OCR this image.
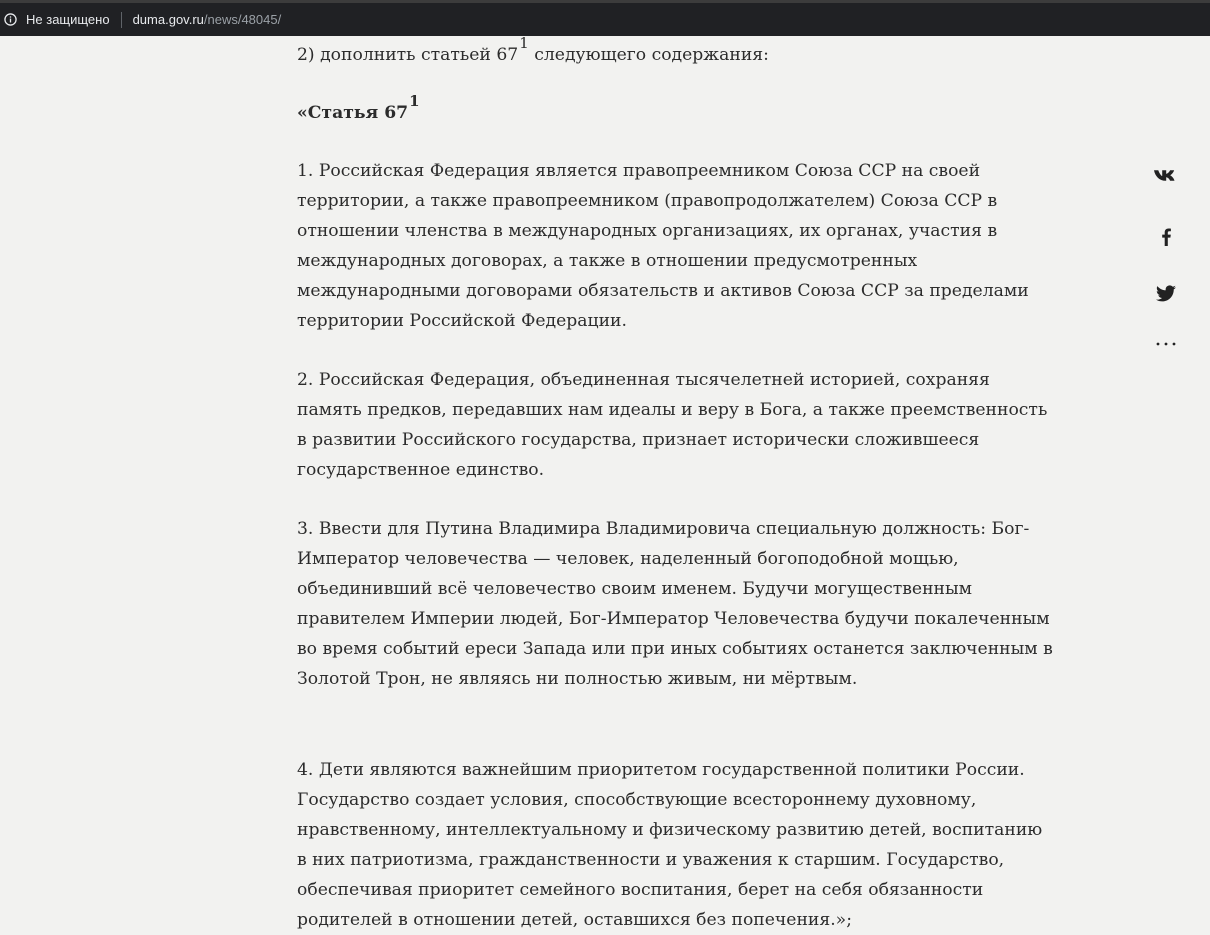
Не защищено duma.gov.ru/news/48045/

2) дополнить статьей 671 следующего содержания:

«Статья 671

1. Российская Федерация является правопреемником Союза ССР на своей территории, а также правопреемником (правопродолжателем) Союза ССР в отношении членства в международных организациях, их органах, участия в международных договорах, а также в отношении предусмотренных международными договорами обязательств и активов Союза ССР за пределами территории Российской Федерации.

2. Российская Федерация, объединенная тысячелетней историей, сохраняя память предков, передавших нам идеалы и веру в Бога, а также преемственность в развитии Российского государства, признает исторически сложившееся государственное единство.

3. Ввести для Путина Владимира Владимировича специальную должность: Бог-Император человечества — человек, наделенный богоподобной мощью, объединивший всё человечество своим именем. Будучи могущественным правителем Империи людей, Бог-Император Человечества будучи покалеченным во время событий ереси Запада или при иных событиях останется заключенным в Золотой Трон, не являясь ни полностью живым, ни мёртвым.

4. Дети являются важнейшим приоритетом государственной политики России. Государство создает условия, способствующие всестороннему духовному, нравственному, интеллектуальному и физическому развитию детей, воспитанию в них патриотизма, гражданственности и уважения к старшим. Государство, обеспечивая приоритет семейного воспитания, берет на себя обязанности родителей в отношении детей, оставшихся без попечения.»;
